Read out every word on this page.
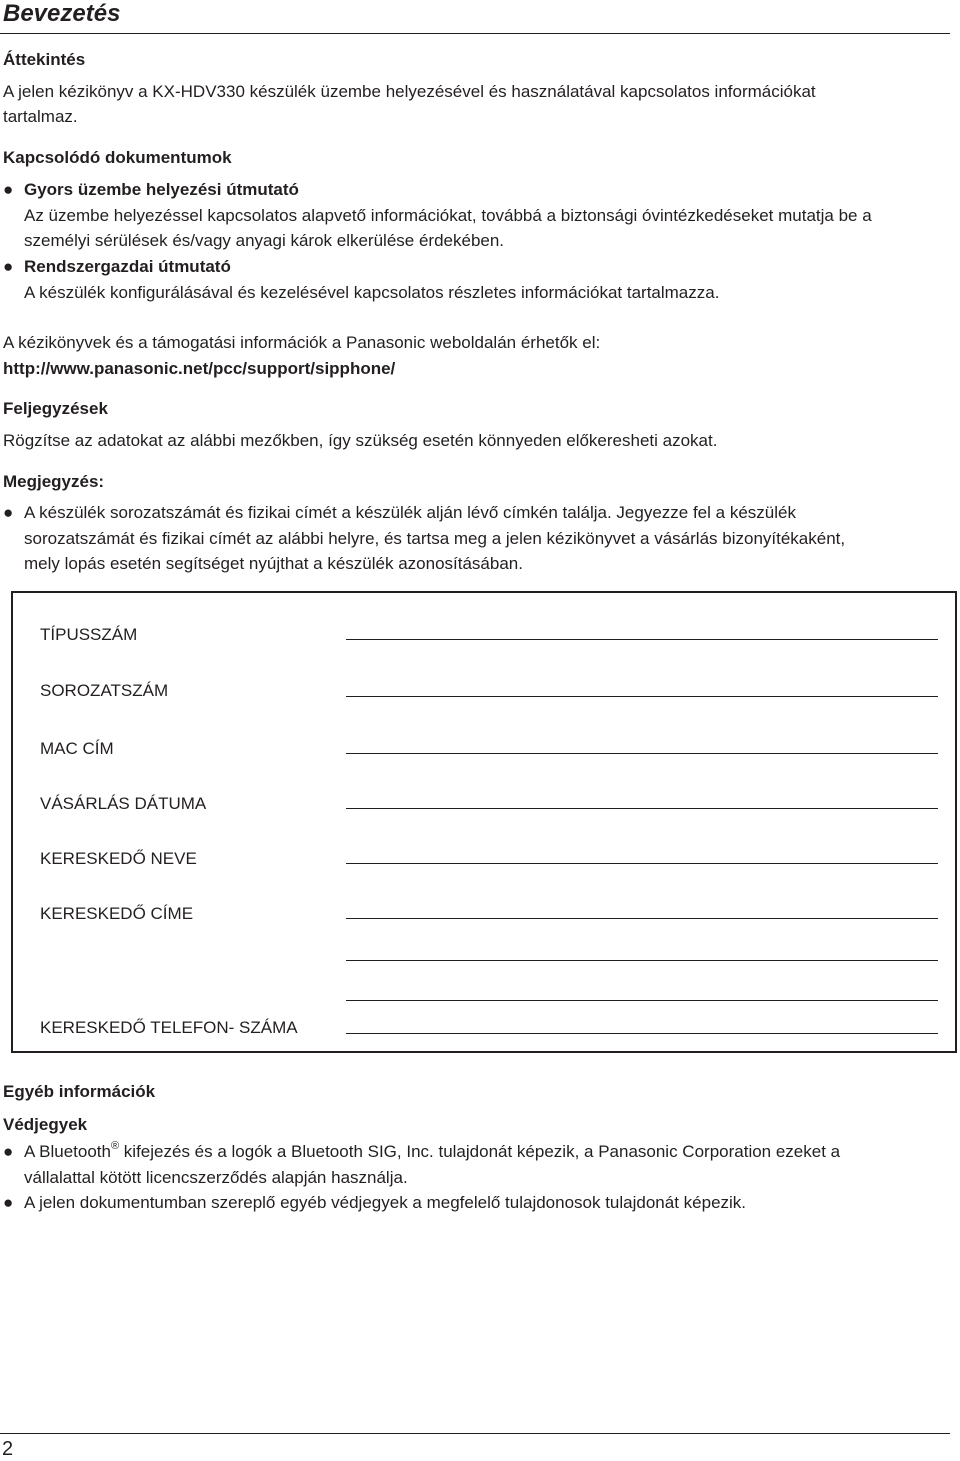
Bevezetés
Áttekintés
A jelen kézikönyv a KX-HDV330 készülék üzembe helyezésével és használatával kapcsolatos információkat
tartalmaz.
Kapcsolódó dokumentumok
● Gyors üzembe helyezési útmutató
Az üzembe helyezéssel kapcsolatos alapvető információkat, továbbá a biztonsági óvintézkedéseket mutatja be a
személyi sérülések és/vagy anyagi károk elkerülése érdekében.
● Rendszergazdai útmutató
A készülék konfigurálásával és kezelésével kapcsolatos részletes információkat tartalmazza.
A kézikönyvek és a támogatási információk a Panasonic weboldalán érhetők el:
http://www.panasonic.net/pcc/support/sipphone/
Feljegyzések
Rögzítse az adatokat az alábbi mezőkben, így szükség esetén könnyeden előkeresheti azokat.
Megjegyzés:
● A készülék sorozatszámát és fizikai címét a készülék alján lévő címkén találja. Jegyezze fel a készülék
sorozatszámát és fizikai címét az alábbi helyre, és tartsa meg a jelen kézikönyvet a vásárlás bizonyítékaként,
mely lopás esetén segítséget nyújthat a készülék azonosításában.
TÍPUSSZÁM
SOROZATSZÁM
MAC CÍM
VÁSÁRLÁS DÁTUMA
KERESKEDŐ NEVE
KERESKEDŐ CÍME
KERESKEDŐ TELEFON- SZÁMA
Egyéb információk
Védjegyek
● A Bluetooth® kifejezés és a logók a Bluetooth SIG, Inc. tulajdonát képezik, a Panasonic Corporation ezeket a
vállalattal kötött licencszerződés alapján használja.
● A jelen dokumentumban szereplő egyéb védjegyek a megfelelő tulajdonosok tulajdonát képezik.
2
